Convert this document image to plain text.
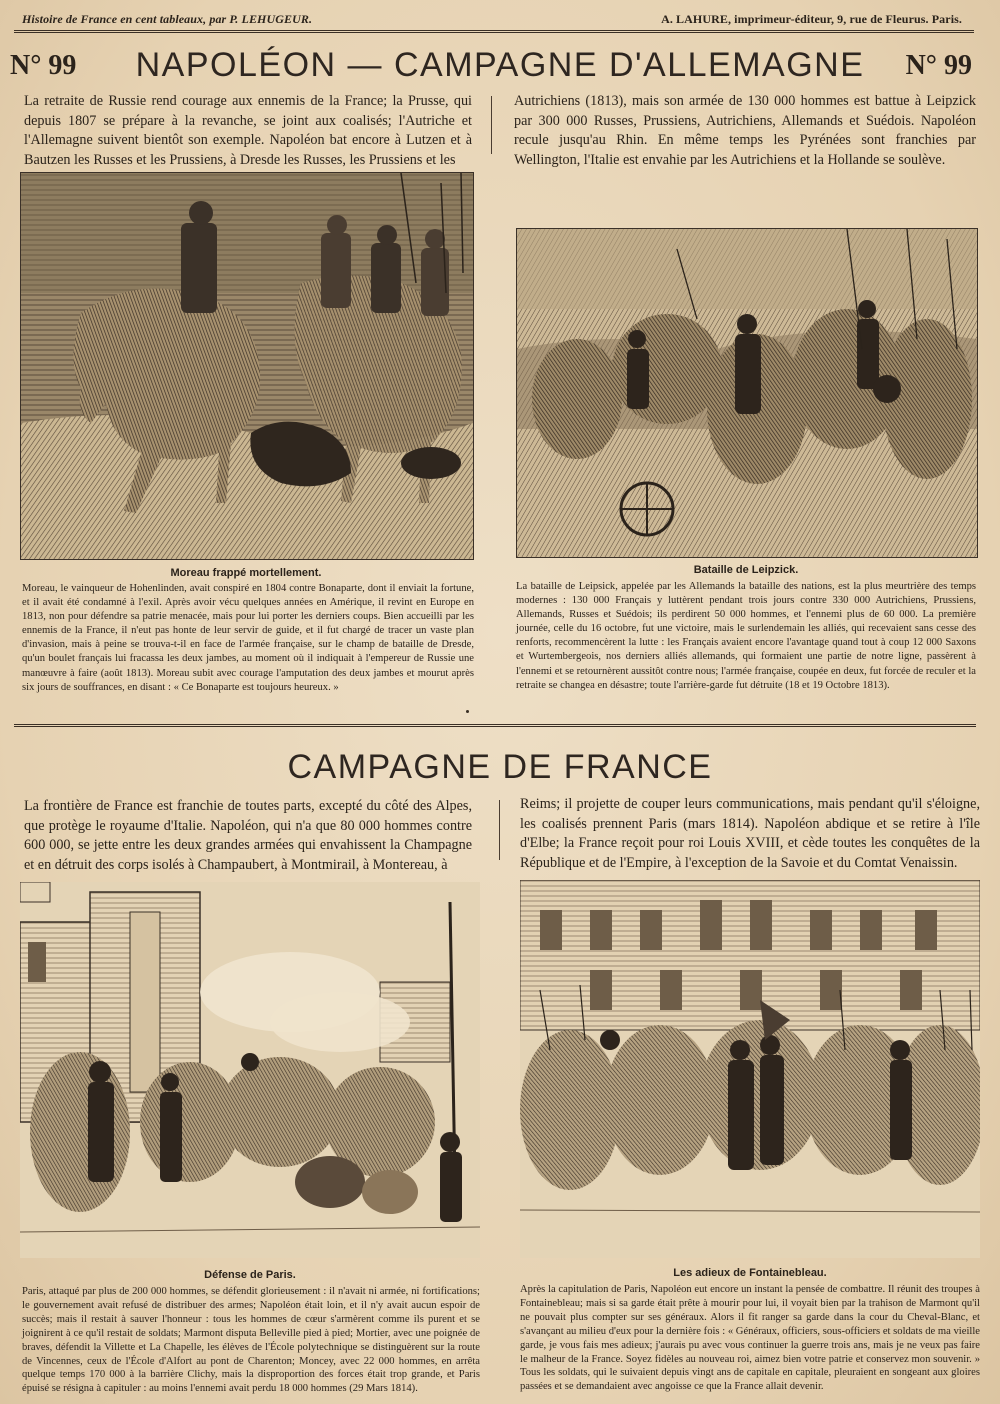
Histoire de France en cent tableaux, par P. LEHUGEUR.	A. LAHURE, imprimeur-éditeur, 9, rue de Fleurus. Paris.
N° 99	N° 99
NAPOLÉON — CAMPAGNE D'ALLEMAGNE
La retraite de Russie rend courage aux ennemis de la France; la Prusse, qui depuis 1807 se prépare à la revanche, se joint aux coalisés; l'Autriche et l'Allemagne suivent bientôt son exemple. Napoléon bat encore à Lutzen et à Bautzen les Russes et les Prussiens, à Dresde les Russes, les Prussiens et les
Autrichiens (1813), mais son armée de 130 000 hommes est battue à Leipzick par 300 000 Russes, Prussiens, Autrichiens, Allemands et Suédois. Napoléon recule jusqu'au Rhin. En même temps les Pyrénées sont franchies par Wellington, l'Italie est envahie par les Autrichiens et la Hollande se soulève.
Moreau frappé mortellement.
Moreau, le vainqueur de Hohenlinden, avait conspiré en 1804 contre Bonaparte, dont il enviait la fortune, et il avait été condamné à l'exil. Après avoir vécu quelques années en Amérique, il revint en Europe en 1813, non pour défendre sa patrie menacée, mais pour lui porter les derniers coups. Bien accueilli par les ennemis de la France, il n'eut pas honte de leur servir de guide, et il fut chargé de tracer un vaste plan d'invasion, mais à peine se trouva-t-il en face de l'armée française, sur le champ de bataille de Dresde, qu'un boulet français lui fracassa les deux jambes, au moment où il indiquait à l'empereur de Russie une manœuvre à faire (août 1813). Moreau subit avec courage l'amputation des deux jambes et mourut après six jours de souffrances, en disant : « Ce Bonaparte est toujours heureux. »
Bataille de Leipzick.
La bataille de Leipsick, appelée par les Allemands la bataille des nations, est la plus meurtrière des temps modernes : 130 000 Français y luttèrent pendant trois jours contre 330 000 Autrichiens, Prussiens, Allemands, Russes et Suédois; ils perdirent 50 000 hommes, et l'ennemi plus de 60 000. La première journée, celle du 16 octobre, fut une victoire, mais le surlendemain les alliés, qui recevaient sans cesse des renforts, recommencèrent la lutte : les Français avaient encore l'avantage quand tout à coup 12 000 Saxons et Wurtembergeois, nos derniers alliés allemands, qui formaient une partie de notre ligne, passèrent à l'ennemi et se retournèrent aussitôt contre nous; l'armée française, coupée en deux, fut forcée de reculer et la retraite se changea en désastre; toute l'arrière-garde fut détruite (18 et 19 Octobre 1813).
CAMPAGNE DE FRANCE
La frontière de France est franchie de toutes parts, excepté du côté des Alpes, que protège le royaume d'Italie. Napoléon, qui n'a que 80 000 hommes contre 600 000, se jette entre les deux grandes armées qui envahissent la Champagne et en détruit des corps isolés à Champaubert, à Montmirail, à Montereau, à
Reims; il projette de couper leurs communications, mais pendant qu'il s'éloigne, les coalisés prennent Paris (mars 1814). Napoléon abdique et se retire à l'île d'Elbe; la France reçoit pour roi Louis XVIII, et cède toutes les conquêtes de la République et de l'Empire, à l'exception de la Savoie et du Comtat Venaissin.
Défense de Paris.
Paris, attaqué par plus de 200 000 hommes, se défendit glorieusement : il n'avait ni armée, ni fortifications; le gouvernement avait refusé de distribuer des armes; Napoléon était loin, et il n'y avait aucun espoir de succès; mais il restait à sauver l'honneur : tous les hommes de cœur s'armèrent comme ils purent et se joignirent à ce qu'il restait de soldats; Marmont disputa Belleville pied à pied; Mortier, avec une poignée de braves, défendit la Villette et La Chapelle, les élèves de l'École polytechnique se distinguèrent sur la route de Vincennes, ceux de l'École d'Alfort au pont de Charenton; Moncey, avec 22 000 hommes, en arrêta quelque temps 170 000 à la barrière Clichy, mais la disproportion des forces était trop grande, et Paris épuisé se résigna à capituler : au moins l'ennemi avait perdu 18 000 hommes (29 Mars 1814).
Les adieux de Fontainebleau.
Après la capitulation de Paris, Napoléon eut encore un instant la pensée de combattre. Il réunit des troupes à Fontainebleau; mais si sa garde était prête à mourir pour lui, il voyait bien par la trahison de Marmont qu'il ne pouvait plus compter sur ses généraux. Alors il fit ranger sa garde dans la cour du Cheval-Blanc, et s'avançant au milieu d'eux pour la dernière fois : « Généraux, officiers, sous-officiers et soldats de ma vieille garde, je vous fais mes adieux; j'aurais pu avec vous continuer la guerre trois ans, mais je ne veux pas faire le malheur de la France. Soyez fidèles au nouveau roi, aimez bien votre patrie et conservez mon souvenir. » Tous les soldats, qui le suivaient depuis vingt ans de capitale en capitale, pleuraient en songeant aux gloires passées et se demandaient avec angoisse ce que la France allait devenir.
